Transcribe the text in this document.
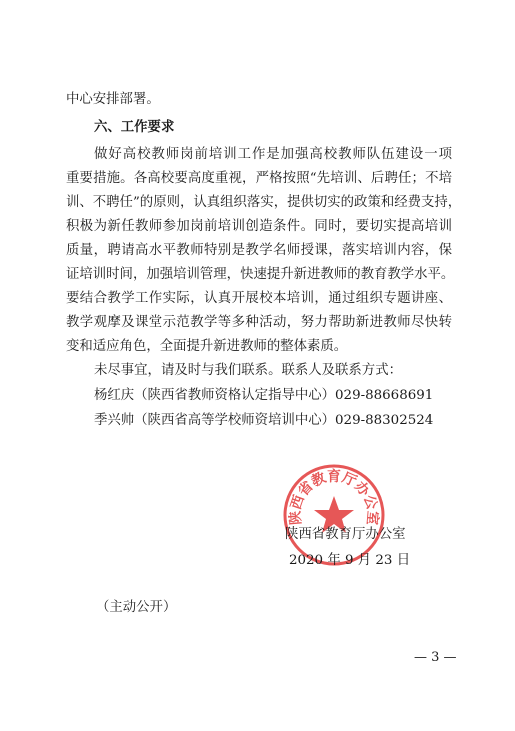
中心安排部署。
六、工作要求
做好高校教师岗前培训工作是加强高校教师队伍建设一项
重要措施。各高校要高度重视，严格按照“先培训、后聘任；不培
训、不聘任”的原则，认真组织落实，提供切实的政策和经费支持，
积极为新任教师参加岗前培训创造条件。同时，要切实提高培训
质量，聘请高水平教师特别是教学名师授课，落实培训内容，保
证培训时间，加强培训管理，快速提升新进教师的教育教学水平。
要结合教学工作实际，认真开展校本培训，通过组织专题讲座、
教学观摩及课堂示范教学等多种活动，努力帮助新进教师尽快转
变和适应角色，全面提升新进教师的整体素质。
未尽事宜，请及时与我们联系。联系人及联系方式：
杨红庆（陕西省教师资格认定指导中心）029-88668691
季兴帅（陕西省高等学校师资培训中心）029-88302524
陕西省教育厅办公室
陕西省教育厅办公室
2020 年 9 月 23 日
（主动公开）
— 3 —
